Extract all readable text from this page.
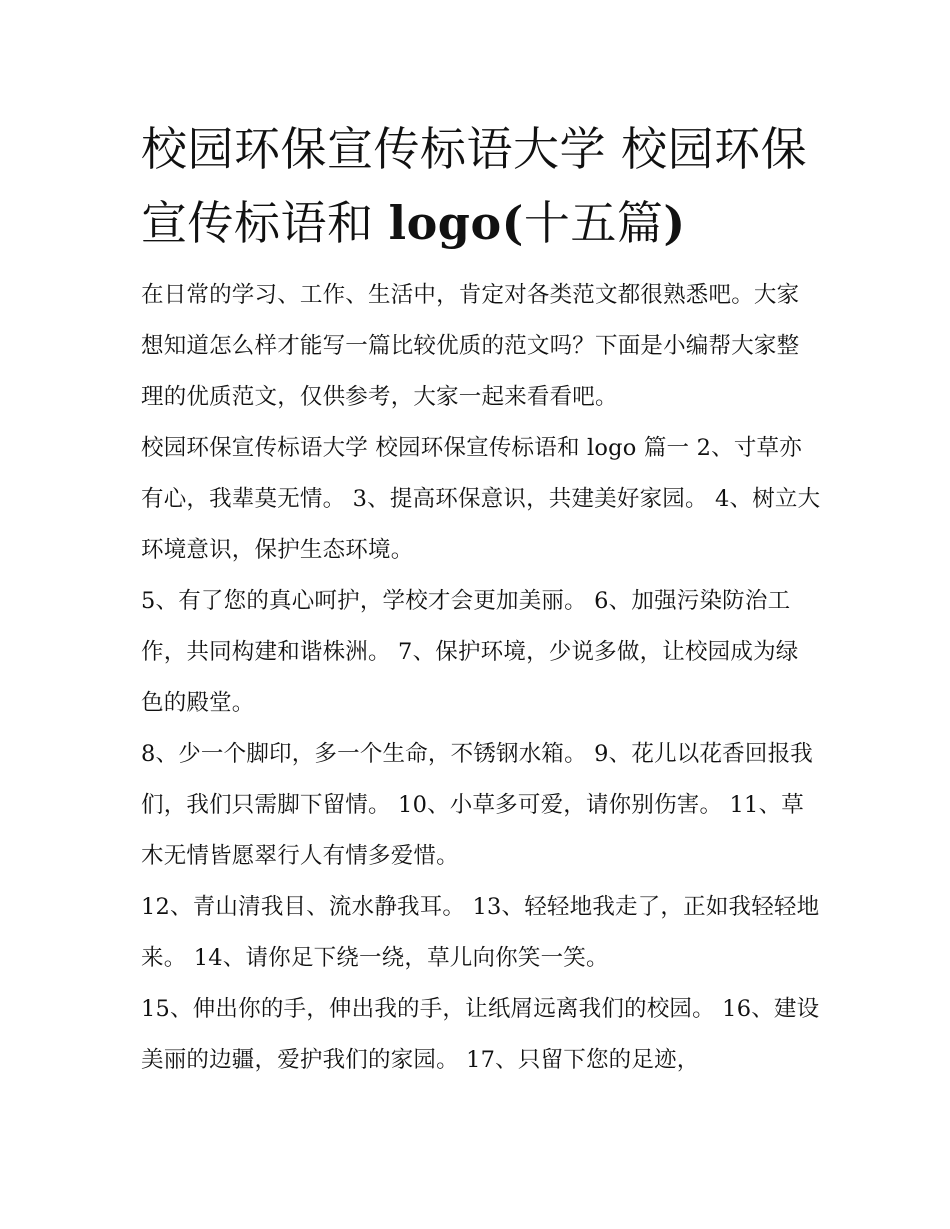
校园环保宣传标语大学 校园环保宣传标语和 logo(十五篇)

在日常的学习、工作、生活中，肯定对各类范文都很熟悉吧。大家想知道怎么样才能写一篇比较优质的范文吗？下面是小编帮大家整理的优质范文，仅供参考，大家一起来看看吧。

校园环保宣传标语大学 校园环保宣传标语和 logo 篇一 2、寸草亦有心，我辈莫无情。 3、提高环保意识，共建美好家园。 4、树立大环境意识，保护生态环境。

5、有了您的真心呵护，学校才会更加美丽。 6、加强污染防治工作，共同构建和谐株洲。 7、保护环境，少说多做，让校园成为绿色的殿堂。

8、少一个脚印，多一个生命，不锈钢水箱。 9、花儿以花香回报我们，我们只需脚下留情。 10、小草多可爱，请你别伤害。 11、草木无情皆愿翠行人有情多爱惜。

12、青山清我目、流水静我耳。 13、轻轻地我走了，正如我轻轻地来。 14、请你足下绕一绕，草儿向你笑一笑。

15、伸出你的手，伸出我的手，让纸屑远离我们的校园。 16、建设美丽的边疆，爱护我们的家园。 17、只留下您的足迹，
